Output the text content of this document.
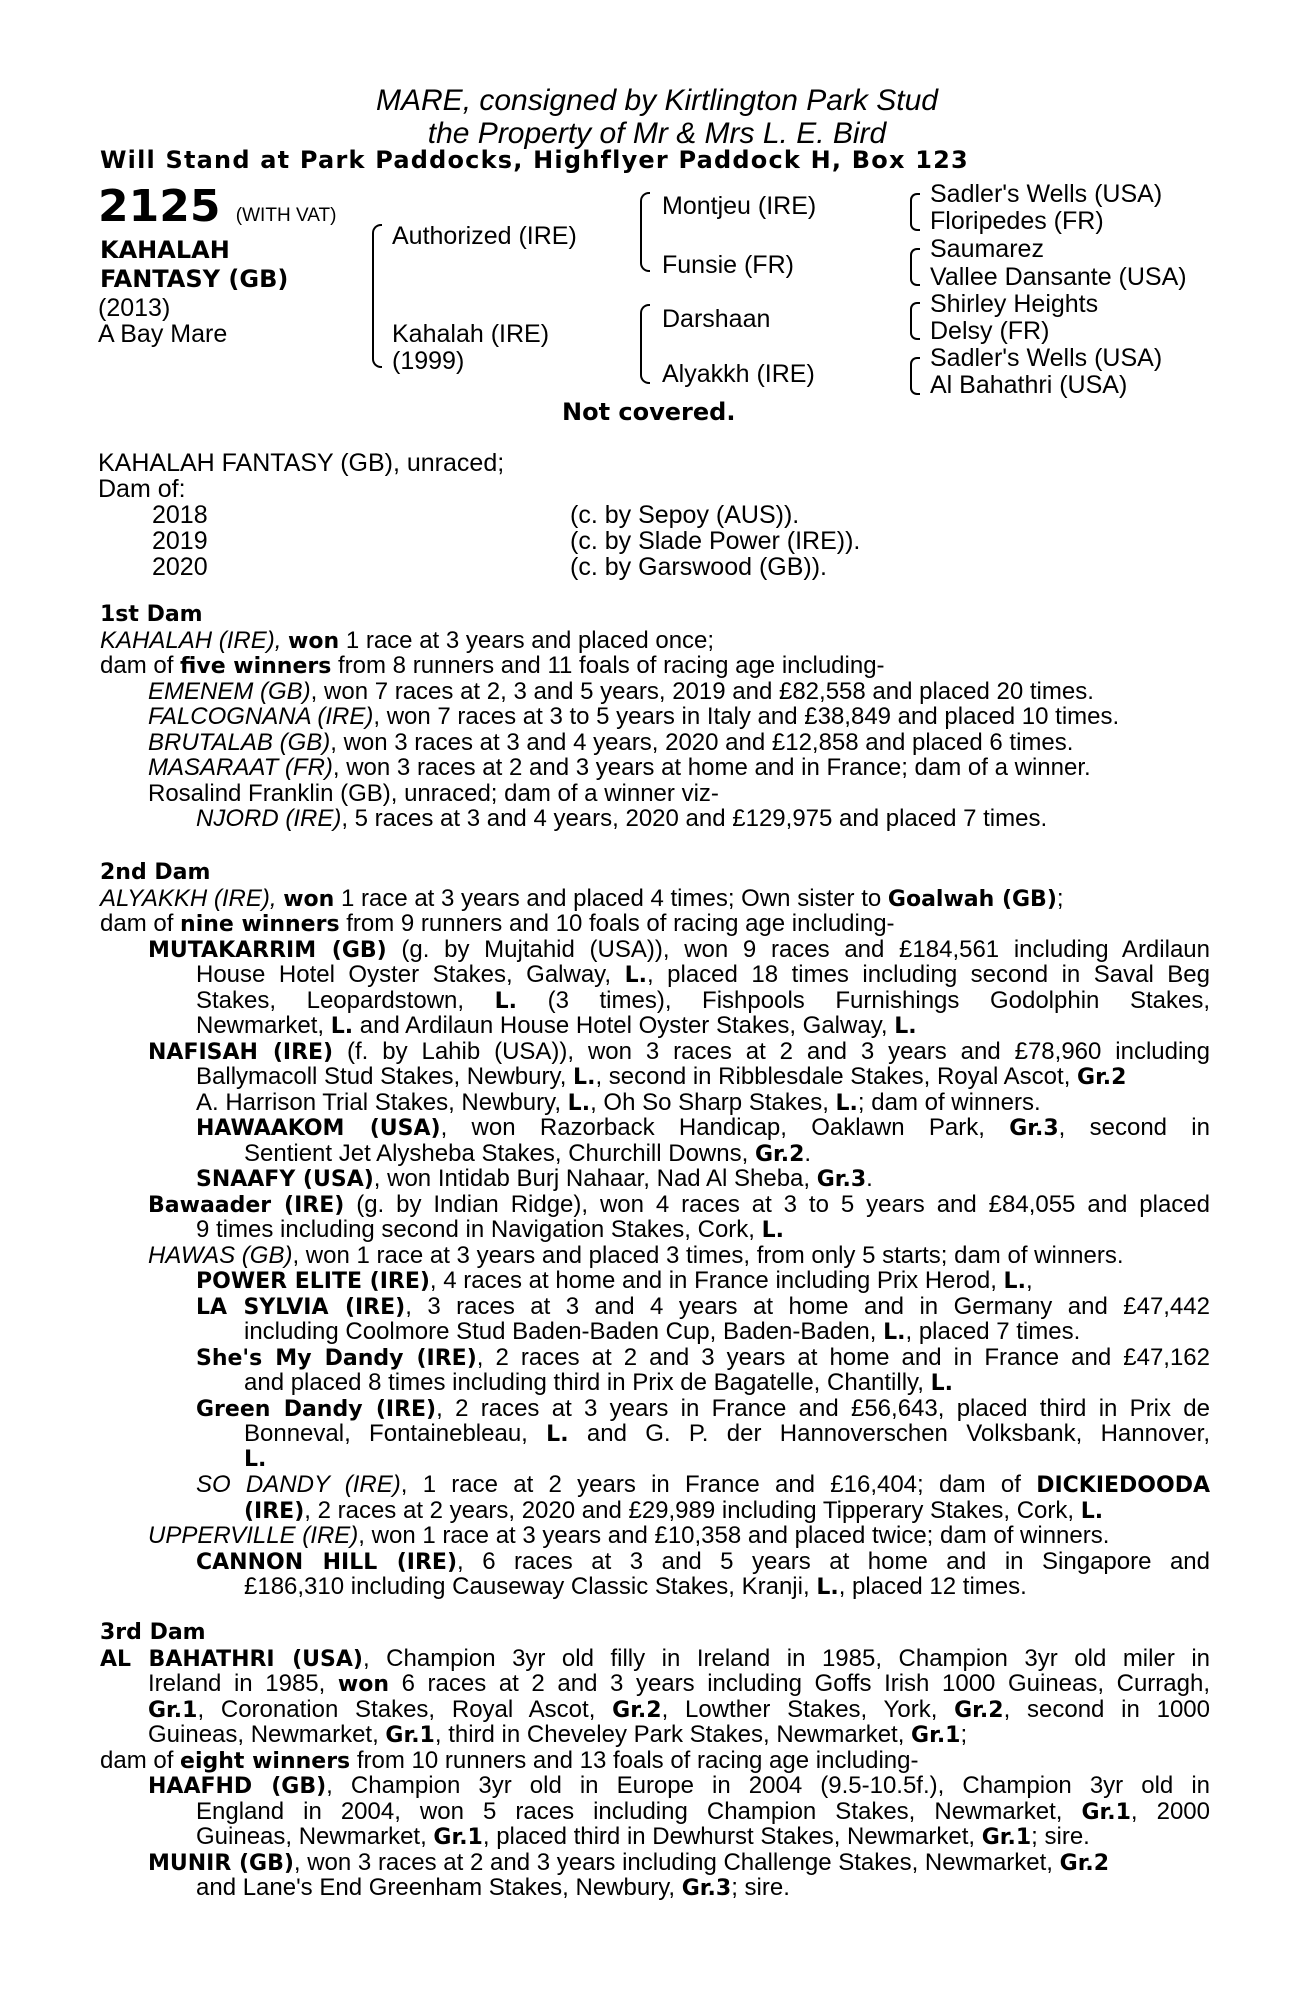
MARE, consigned by Kirtlington Park Stud
the Property of Mr & Mrs L. E. Bird
Will Stand at Park Paddocks, Highflyer Paddock H, Box 123
2125 (WITH VAT)
KAHALAH
FANTASY (GB)
(2013)
A Bay Mare
Authorized (IRE)
Kahalah (IRE)
(1999)
Montjeu (IRE)
Funsie (FR)
Darshaan
Alyakkh (IRE)
Sadler's Wells (USA)
Floripedes (FR)
Saumarez
Vallee Dansante (USA)
Shirley Heights
Delsy (FR)
Sadler's Wells (USA)
Al Bahathri (USA)
Not covered.
KAHALAH FANTASY (GB), unraced;
Dam of:
2018	(c. by Sepoy (AUS)).
2019	(c. by Slade Power (IRE)).
2020	(c. by Garswood (GB)).
1st Dam
KAHALAH (IRE), won 1 race at 3 years and placed once;
dam of five winners from 8 runners and 11 foals of racing age including-
EMENEM (GB), won 7 races at 2, 3 and 5 years, 2019 and £82,558 and placed 20 times.
FALCOGNANA (IRE), won 7 races at 3 to 5 years in Italy and £38,849 and placed 10 times.
BRUTALAB (GB), won 3 races at 3 and 4 years, 2020 and £12,858 and placed 6 times.
MASARAAT (FR), won 3 races at 2 and 3 years at home and in France; dam of a winner.
Rosalind Franklin (GB), unraced; dam of a winner viz-
NJORD (IRE), 5 races at 3 and 4 years, 2020 and £129,975 and placed 7 times.
2nd Dam
ALYAKKH (IRE), won 1 race at 3 years and placed 4 times; Own sister to Goalwah (GB);
dam of nine winners from 9 runners and 10 foals of racing age including-
MUTAKARRIM (GB) (g. by Mujtahid (USA)), won 9 races and £184,561 including Ardilaun
House Hotel Oyster Stakes, Galway, L., placed 18 times including second in Saval Beg
Stakes, Leopardstown, L. (3 times), Fishpools Furnishings Godolphin Stakes,
Newmarket, L. and Ardilaun House Hotel Oyster Stakes, Galway, L.
NAFISAH (IRE) (f. by Lahib (USA)), won 3 races at 2 and 3 years and £78,960 including
Ballymacoll Stud Stakes, Newbury, L., second in Ribblesdale Stakes, Royal Ascot, Gr.2
A. Harrison Trial Stakes, Newbury, L., Oh So Sharp Stakes, L.; dam of winners.
HAWAAKOM (USA), won Razorback Handicap, Oaklawn Park, Gr.3, second in
Sentient Jet Alysheba Stakes, Churchill Downs, Gr.2.
SNAAFY (USA), won Intidab Burj Nahaar, Nad Al Sheba, Gr.3.
Bawaader (IRE) (g. by Indian Ridge), won 4 races at 3 to 5 years and £84,055 and placed
9 times including second in Navigation Stakes, Cork, L.
HAWAS (GB), won 1 race at 3 years and placed 3 times, from only 5 starts; dam of winners.
POWER ELITE (IRE), 4 races at home and in France including Prix Herod, L.,
LA SYLVIA (IRE), 3 races at 3 and 4 years at home and in Germany and £47,442
including Coolmore Stud Baden-Baden Cup, Baden-Baden, L., placed 7 times.
She's My Dandy (IRE), 2 races at 2 and 3 years at home and in France and £47,162
and placed 8 times including third in Prix de Bagatelle, Chantilly, L.
Green Dandy (IRE), 2 races at 3 years in France and £56,643, placed third in Prix de
Bonneval, Fontainebleau, L. and G. P. der Hannoverschen Volksbank, Hannover,
L.
SO DANDY (IRE), 1 race at 2 years in France and £16,404; dam of DICKIEDOODA
(IRE), 2 races at 2 years, 2020 and £29,989 including Tipperary Stakes, Cork, L.
UPPERVILLE (IRE), won 1 race at 3 years and £10,358 and placed twice; dam of winners.
CANNON HILL (IRE), 6 races at 3 and 5 years at home and in Singapore and
£186,310 including Causeway Classic Stakes, Kranji, L., placed 12 times.
3rd Dam
AL BAHATHRI (USA), Champion 3yr old filly in Ireland in 1985, Champion 3yr old miler in
Ireland in 1985, won 6 races at 2 and 3 years including Goffs Irish 1000 Guineas, Curragh,
Gr.1, Coronation Stakes, Royal Ascot, Gr.2, Lowther Stakes, York, Gr.2, second in 1000
Guineas, Newmarket, Gr.1, third in Cheveley Park Stakes, Newmarket, Gr.1;
dam of eight winners from 10 runners and 13 foals of racing age including-
HAAFHD (GB), Champion 3yr old in Europe in 2004 (9.5-10.5f.), Champion 3yr old in
England in 2004, won 5 races including Champion Stakes, Newmarket, Gr.1, 2000
Guineas, Newmarket, Gr.1, placed third in Dewhurst Stakes, Newmarket, Gr.1; sire.
MUNIR (GB), won 3 races at 2 and 3 years including Challenge Stakes, Newmarket, Gr.2
and Lane's End Greenham Stakes, Newbury, Gr.3; sire.
